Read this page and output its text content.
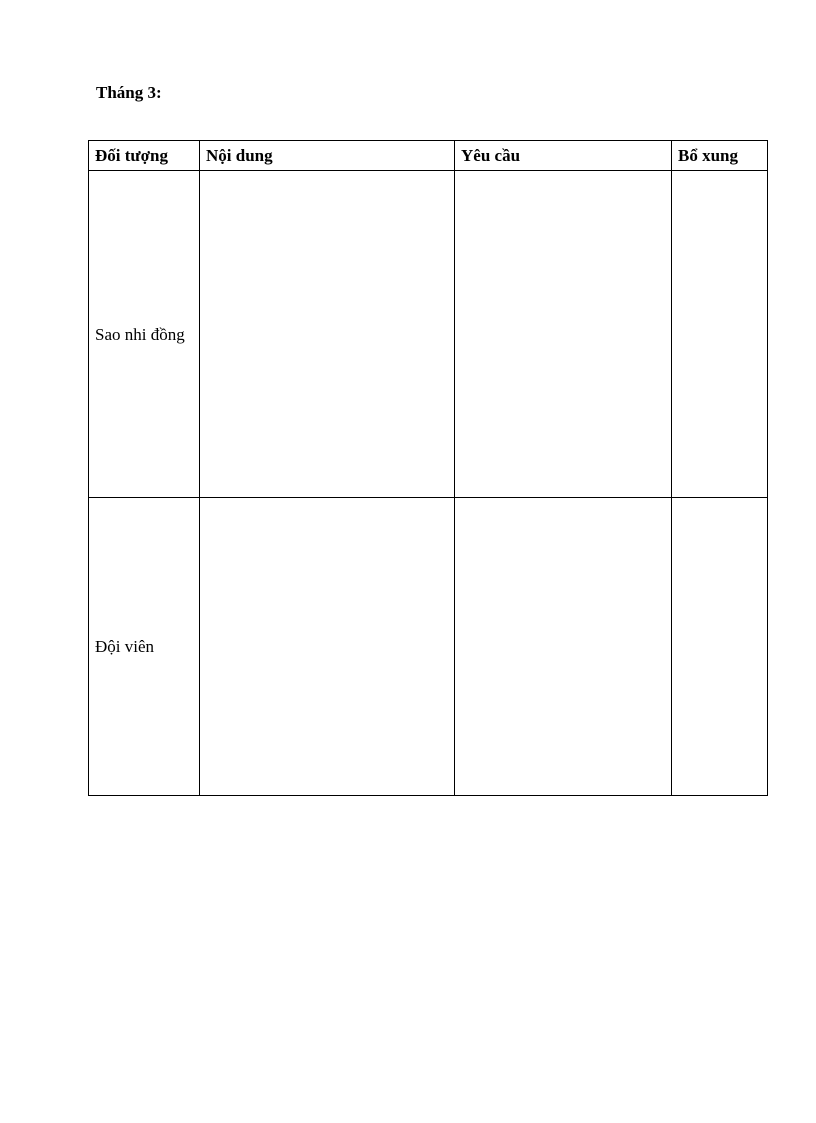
Tháng 3:

Đối tượng	Nội dung	Yêu cầu	Bổ xung
Sao nhi đồng			
Đội viên			
